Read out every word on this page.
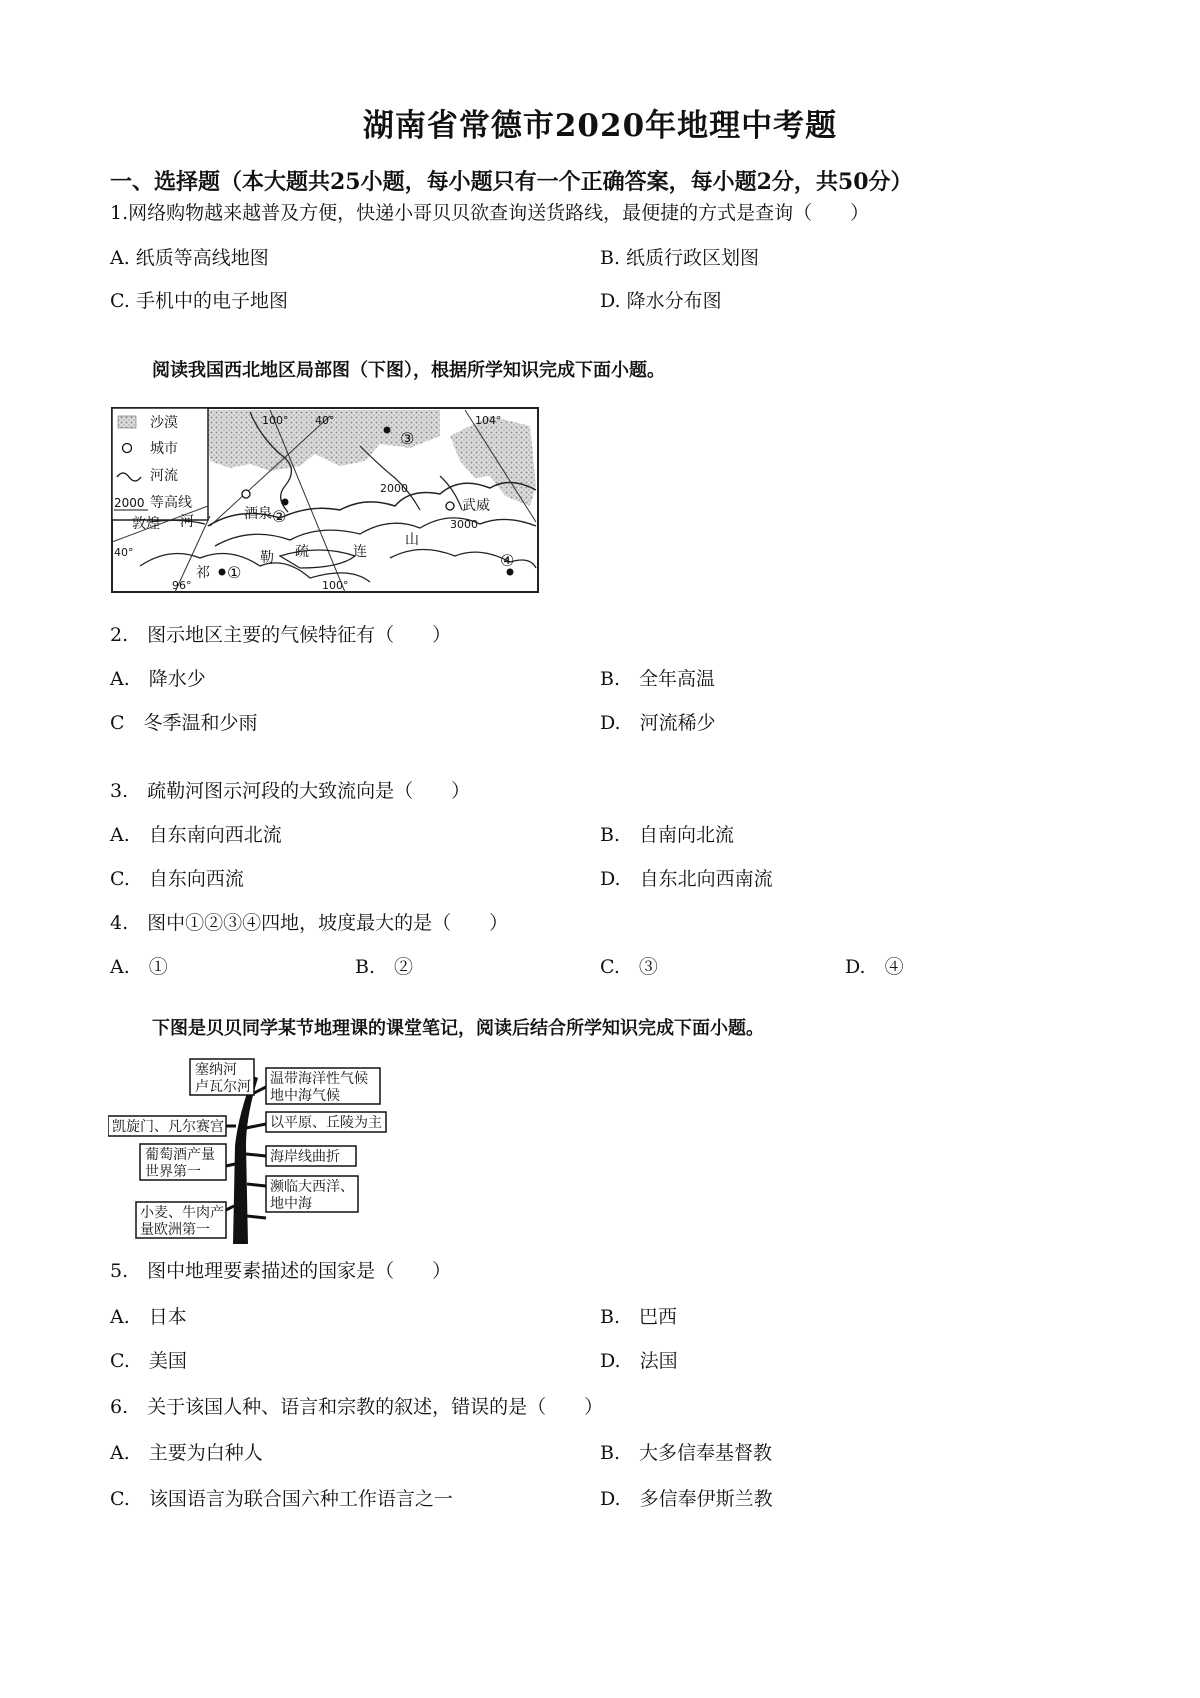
湖南省常德市2020年地理中考题
一、选择题（本大题共25小题，每小题只有一个正确答案，每小题2分，共50分）
1.网络购物越来越普及方便，快递小哥贝贝欲查询送货路线，最便捷的方式是查询（　　）
A. 纸质等高线地图	B. 纸质行政区划图
C. 手机中的电子地图	D. 降水分布图
阅读我国西北地区局部图（下图），根据所学知识完成下面小题。
沙漠
城市
河流
2000 等高线
100° 40°	104°
96°	100°
40°
2000
3000
敦煌
酒泉	武威
祁
勒 疏
河
连
山
①
②
③
④
2.　图示地区主要的气候特征有（　　）
A.　降水少	B.　全年高温
C　冬季温和少雨	D.　河流稀少
3.　疏勒河图示河段的大致流向是（　　）
A.　自东南向西北流	B.　自南向北流
C.　自东向西流	D.　自东北向西南流
4.　图中①②③④四地，坡度最大的是（　　）
A.　①	B.　②	C.　③	D.　④
下图是贝贝同学某节地理课的课堂笔记，阅读后结合所学知识完成下面小题。
塞纳河
卢瓦尔河
凯旋门、凡尔赛宫
葡萄酒产量
世界第一
小麦、牛肉产
量欧洲第一
温带海洋性气候
地中海气候
以平原、丘陵为主
海岸线曲折
濒临大西洋、
地中海
5.　图中地理要素描述的国家是（　　）
A.　日本	B.　巴西
C.　美国	D.　法国
6.　关于该国人种、语言和宗教的叙述，错误的是（　　）
A.　主要为白种人	B.　大多信奉基督教
C.　该国语言为联合国六种工作语言之一	D.　多信奉伊斯兰教
